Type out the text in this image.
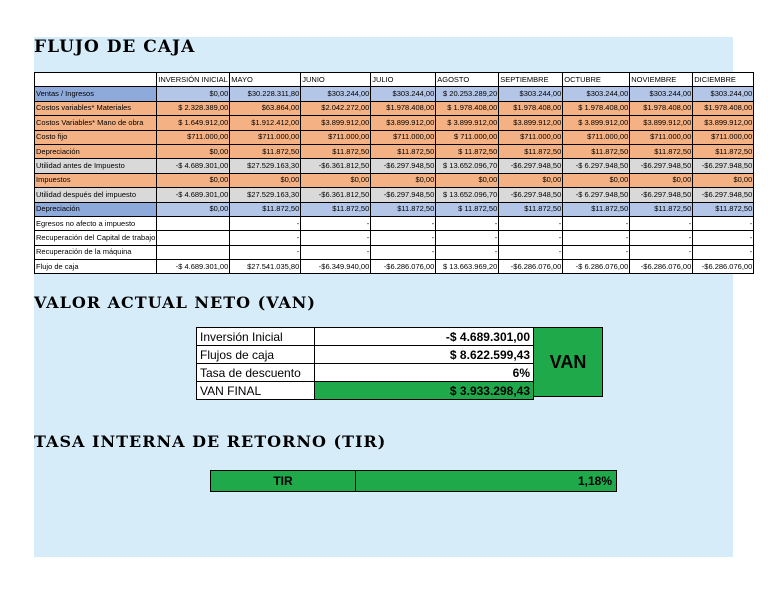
FLUJO DE CAJA
	INVERSIÓN INICIAL	MAYO	JUNIO	JULIO	AGOSTO	SEPTIEMBRE	OCTUBRE	NOVIEMBRE	DICIEMBRE
Ventas / Ingresos	$0,00	$30.228.311,80	$303.244,00	$303.244,00	$ 20.253.289,20	$303.244,00	$303.244,00	$303.244,00	$303.244,00
Costos variables* Materiales	$ 2.328.389,00	$63.864,00	$2.042.272,00	$1.978.408,00	$ 1.978.408,00	$1.978.408,00	$ 1.978.408,00	$1.978.408,00	$1.978.408,00
Costos Variables* Mano de obra	$ 1.649.912,00	$1.912.412,00	$3.899.912,00	$3.899.912,00	$ 3.899.912,00	$3.899.912,00	$ 3.899.912,00	$3.899.912,00	$3.899.912,00
Costo fijo	$711.000,00	$711.000,00	$711.000,00	$711.000,00	$ 711.000,00	$711.000,00	$711.000,00	$711.000,00	$711.000,00
Depreciación	$0,00	$11.872,50	$11.872,50	$11.872,50	$ 11.872,50	$11.872,50	$11.872,50	$11.872,50	$11.872,50
Utilidad antes de Impuesto	-$ 4.689.301,00	$27.529.163,30	-$6.361.812,50	-$6.297.948,50	$ 13.652.096,70	-$6.297.948,50	-$ 6.297.948,50	-$6.297.948,50	-$6.297.948,50
Impuestos	$0,00	$0,00	$0,00	$0,00	$0,00	$0,00	$0,00	$0,00	$0,00
Utilidad después del impuesto	-$ 4.689.301,00	$27.529.163,30	-$6.361.812,50	-$6.297.948,50	$ 13.652.096,70	-$6.297.948,50	-$ 6.297.948,50	-$6.297.948,50	-$6.297.948,50
Depreciación	$0,00	$11.872,50	$11.872,50	$11.872,50	$ 11.872,50	$11.872,50	$11.872,50	$11.872,50	$11.872,50
Egresos no afecto a impuesto		-	-	-	-	-	-	-	-
Recuperación del Capital de trabajo		-	-	-	-	-	-	-	-
Recuperación de la máquina		-	-	-	-	-	-	-	-
Flujo de caja	-$ 4.689.301,00	$27.541.035,80	-$6.349.940,00	-$6.286.076,00	$ 13.663.969,20	-$6.286.076,00	-$ 6.286.076,00	-$6.286.076,00	-$6.286.076,00
VALOR ACTUAL NETO (VAN)
Inversión Inicial	-$ 4.689.301,00
Flujos de caja	$ 8.622.599,43
Tasa de descuento	6%
VAN FINAL	$ 3.933.298,43
VAN
TASA INTERNA DE RETORNO (TIR)
TIR	1,18%
